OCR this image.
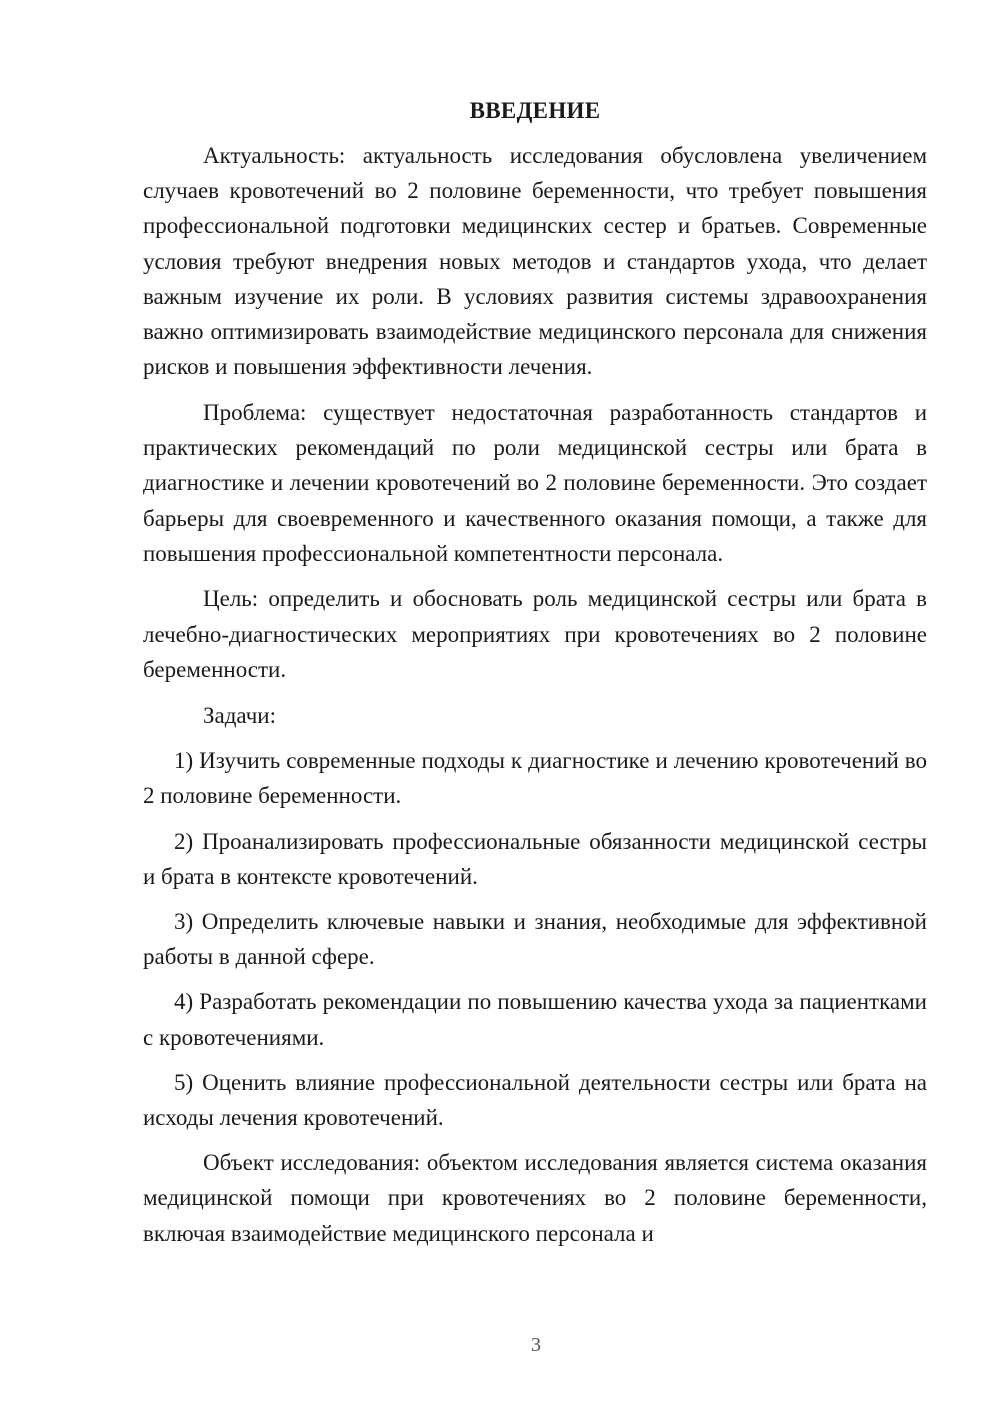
ВВЕДЕНИЕ

Актуальность: актуальность исследования обусловлена увеличением случаев кровотечений во 2 половине беременности, что требует повышения профессиональной подготовки медицинских сестер и братьев. Современные условия требуют внедрения новых методов и стандартов ухода, что делает важным изучение их роли. В условиях развития системы здравоохранения важно оптимизировать взаимодействие медицинского персонала для снижения рисков и повышения эффективности лечения.

Проблема: существует недостаточная разработанность стандартов и практических рекомендаций по роли медицинской сестры или брата в диагностике и лечении кровотечений во 2 половине беременности. Это создает барьеры для своевременного и качественного оказания помощи, а также для повышения профессиональной компетентности персонала.

Цель: определить и обосновать роль медицинской сестры или брата в лечебно-диагностических мероприятиях при кровотечениях во 2 половине беременности.

Задачи:

1) Изучить современные подходы к диагностике и лечению кровотечений во 2 половине беременности.

2) Проанализировать профессиональные обязанности медицинской сестры и брата в контексте кровотечений.

3) Определить ключевые навыки и знания, необходимые для эффективной работы в данной сфере.

4) Разработать рекомендации по повышению качества ухода за пациентками с кровотечениями.

5) Оценить влияние профессиональной деятельности сестры или брата на исходы лечения кровотечений.

Объект исследования: объектом исследования является система оказания медицинской помощи при кровотечениях во 2 половине беременности, включая взаимодействие медицинского персонала и

3
